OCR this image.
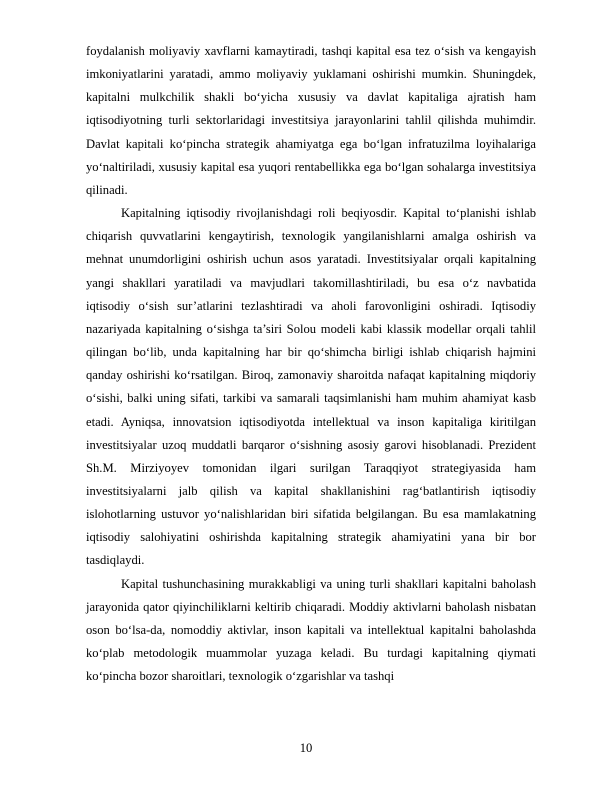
foydalanish moliyaviy xavflarni kamaytiradi, tashqi kapital esa tez o‘sish va kengayish imkoniyatlarini yaratadi, ammo moliyaviy yuklamani oshirishi mumkin. Shuningdek, kapitalni mulkchilik shakli bo‘yicha xususiy va davlat kapitaliga ajratish ham iqtisodiyotning turli sektorlaridagi investitsiya jarayonlarini tahlil qilishda muhimdir. Davlat kapitali ko‘pincha strategik ahamiyatga ega bo‘lgan infratuzilma loyihalariga yo‘naltiriladi, xususiy kapital esa yuqori rentabellikka ega bo‘lgan sohalarga investitsiya qilinadi.

Kapitalning iqtisodiy rivojlanishdagi roli beqiyosdir. Kapital to‘planishi ishlab chiqarish quvvatlarini kengaytirish, texnologik yangilanishlarni amalga oshirish va mehnat unumdorligini oshirish uchun asos yaratadi. Investitsiyalar orqali kapitalning yangi shakllari yaratiladi va mavjudlari takomillashtiriladi, bu esa o‘z navbatida iqtisodiy o‘sish sur’atlarini tezlashtiradi va aholi farovonligini oshiradi. Iqtisodiy nazariyada kapitalning o‘sishga ta’siri Solou modeli kabi klassik modellar orqali tahlil qilingan bo‘lib, unda kapitalning har bir qo‘shimcha birligi ishlab chiqarish hajmini qanday oshirishi ko‘rsatilgan. Biroq, zamonaviy sharoitda nafaqat kapitalning miqdoriy o‘sishi, balki uning sifati, tarkibi va samarali taqsimlanishi ham muhim ahamiyat kasb etadi. Ayniqsa, innovatsion iqtisodiyotda intellektual va inson kapitaliga kiritilgan investitsiyalar uzoq muddatli barqaror o‘sishning asosiy garovi hisoblanadi. Prezident Sh.M. Mirziyoyev tomonidan ilgari surilgan Taraqqiyot strategiyasida ham investitsiyalarni jalb qilish va kapital shakllanishini rag‘batlantirish iqtisodiy islohotlarning ustuvor yo‘nalishlaridan biri sifatida belgilangan. Bu esa mamlakatning iqtisodiy salohiyatini oshirishda kapitalning strategik ahamiyatini yana bir bor tasdiqlaydi.

Kapital tushunchasining murakkabligi va uning turli shakllari kapitalni baholash jarayonida qator qiyinchiliklarni keltirib chiqaradi. Moddiy aktivlarni baholash nisbatan oson bo‘lsa-da, nomoddiy aktivlar, inson kapitali va intellektual kapitalni baholashda ko‘plab metodologik muammolar yuzaga keladi. Bu turdagi kapitalning qiymati ko‘pincha bozor sharoitlari, texnologik o‘zgarishlar va tashqi

10
